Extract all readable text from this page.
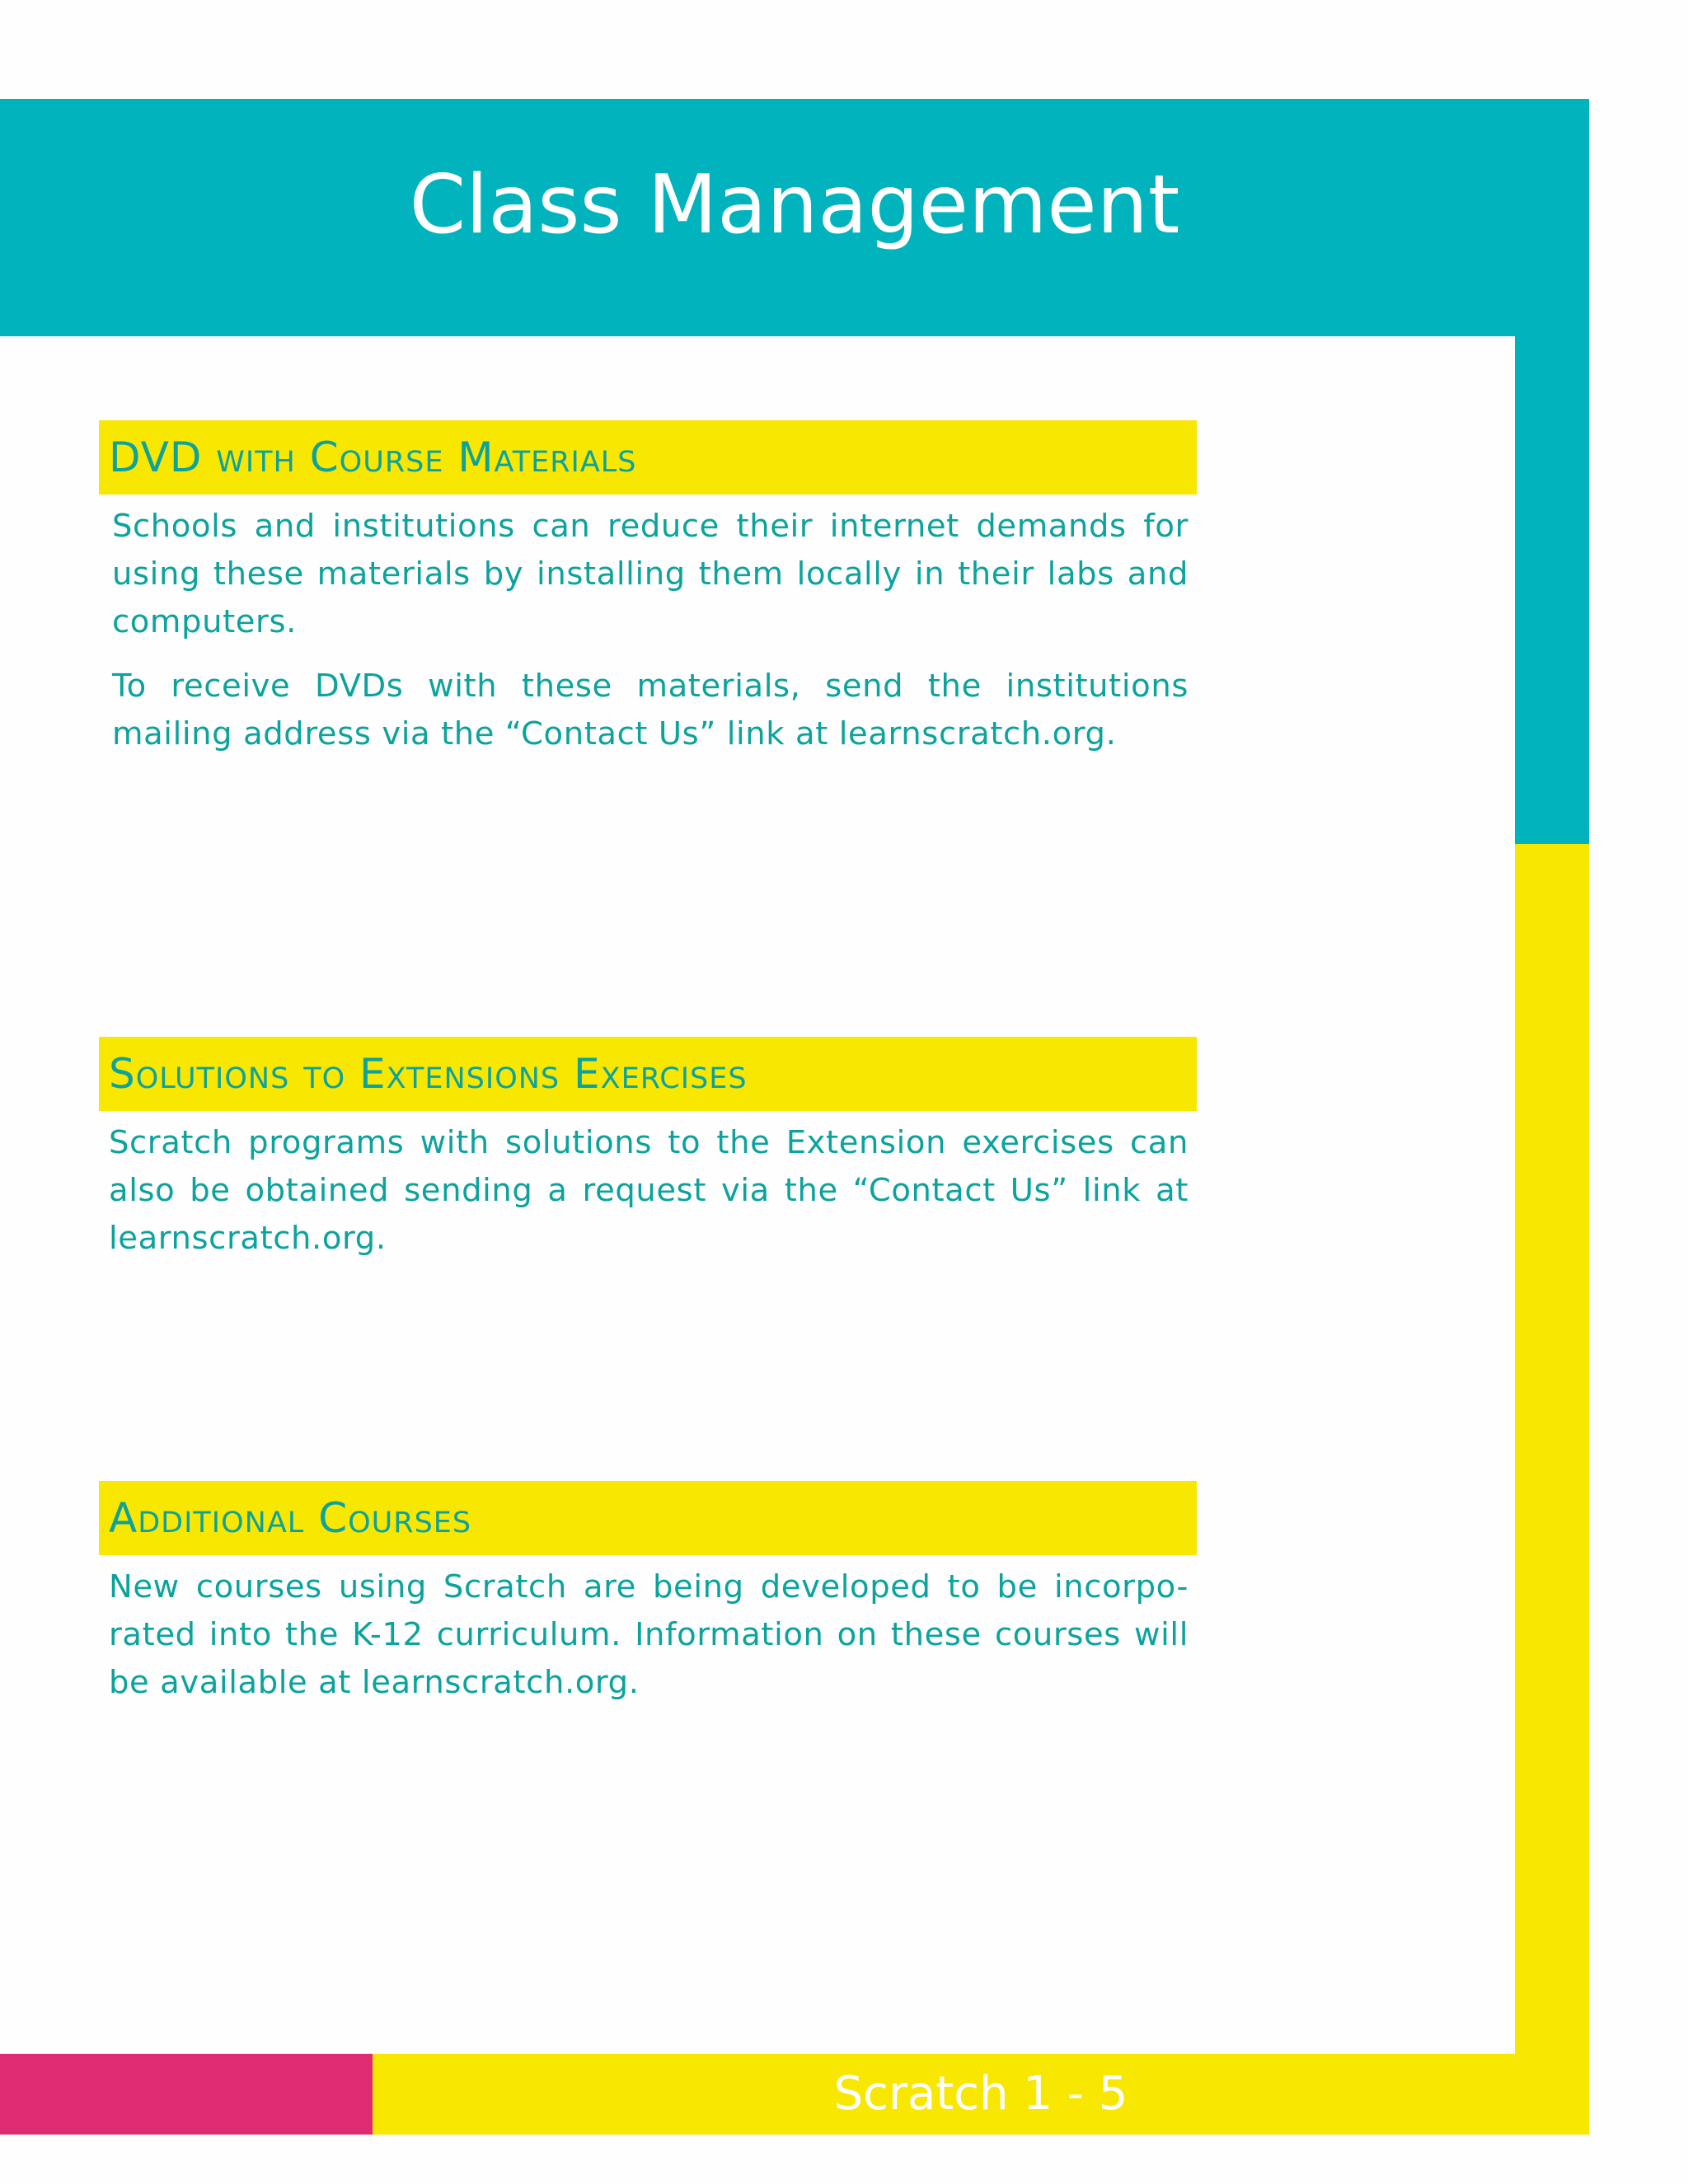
Class Management
DVD with Course Materials

Schools and institutions can reduce their internet demands for using these materials by installing them locally in their labs and computers.

To receive DVDs with these materials, send the institutions mailing address via the “Contact Us” link at learnscratch.org.

Solutions to Extensions Exercises

Scratch programs with solutions to the Extension exercises can also be obtained sending a request via the “Contact Us” link at learnscratch.org.

Additional Courses

New courses using Scratch are being developed to be incorpo-rated into the K-12 curriculum. Information on these courses will be available at learnscratch.org.

Scratch 1 - 5
